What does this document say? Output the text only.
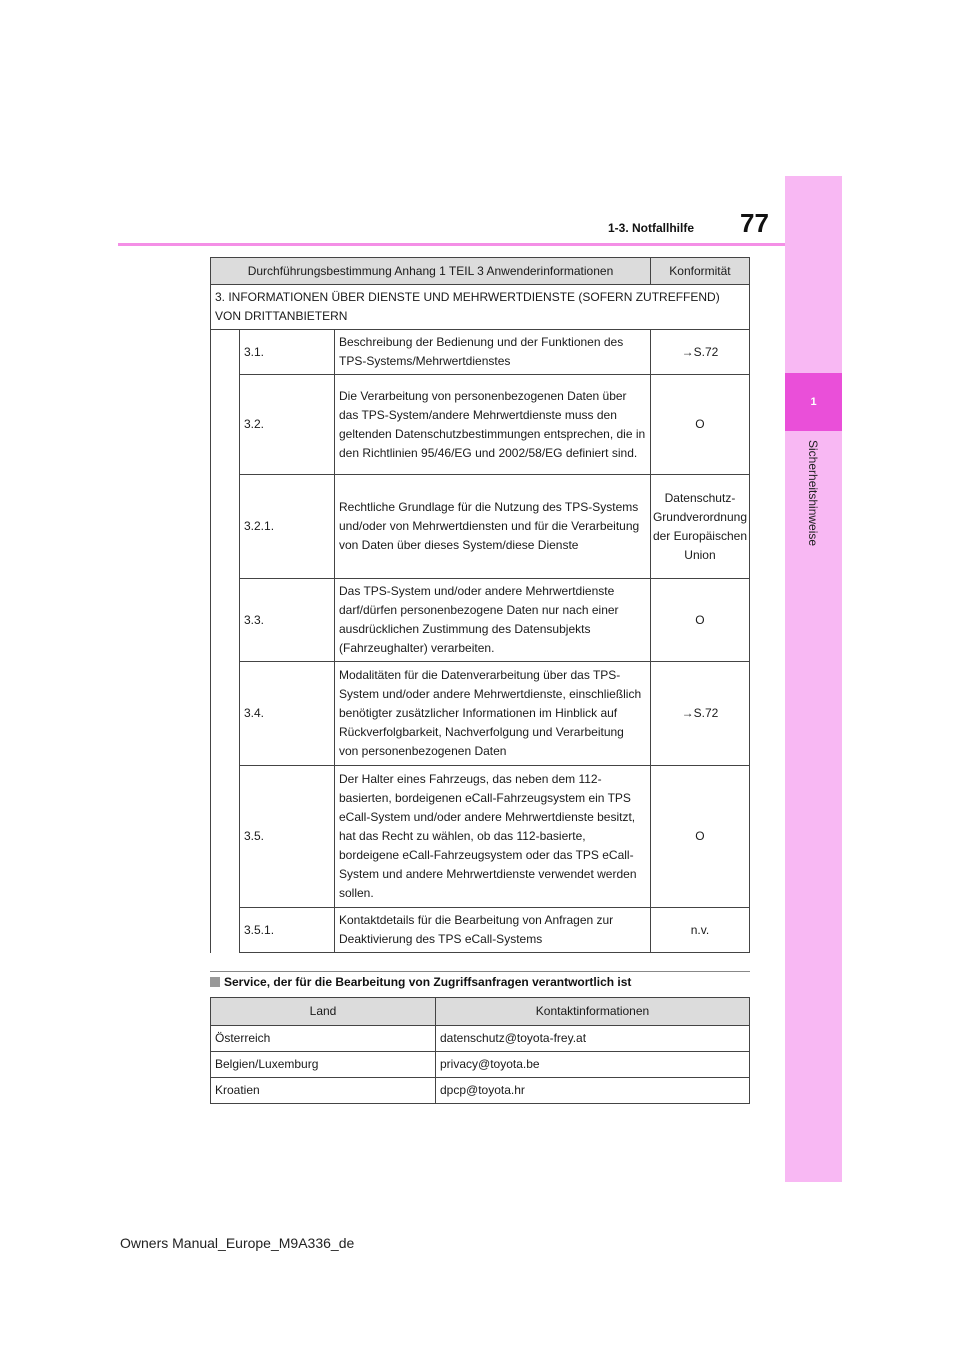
1
Sicherheitshinweise
77
1-3. Notfallhilfe
Durchführungsbestimmung Anhang 1 TEIL 3 Anwenderinformationen			Konformität
3. INFORMATIONEN ÜBER DIENSTE UND MEHRWERTDIENSTE (SOFERN ZUTREFFEND) VON DRITTANBIETERN			
	3.1.	Beschreibung der Bedienung und der Funktionen des TPS-Systems/Mehrwertdienstes	→S.72
	3.2.	Die Verarbeitung von personenbezogenen Daten über das TPS-System/andere Mehrwertdienste muss den geltenden Datenschutzbestimmungen entsprechen, die in den Richtlinien 95/46/EG und 2002/58/EG definiert sind.	O
	3.2.1.	Rechtliche Grundlage für die Nutzung des TPS-Systems und/oder von Mehrwertdiensten und für die Verarbeitung von Daten über dieses System/diese Dienste	Datenschutz-Grundverordnung der Europäischen Union
	3.3.	Das TPS-System und/oder andere Mehrwertdienste darf/dürfen personenbezogene Daten nur nach einer ausdrücklichen Zustimmung des Datensubjekts (Fahrzeughalter) verarbeiten.	O
	3.4.	Modalitäten für die Datenverarbeitung über das TPS-System und/oder andere Mehrwertdienste, einschließlich benötigter zusätzlicher Informationen im Hinblick auf Rückverfolgbarkeit, Nachverfolgung und Verarbeitung von personenbezogenen Daten	→S.72
	3.5.	Der Halter eines Fahrzeugs, das neben dem 112-basierten, bordeigenen eCall-Fahrzeugsystem ein TPS eCall-System und/oder andere Mehrwertdienste besitzt, hat das Recht zu wählen, ob das 112-basierte, bordeigene eCall-Fahrzeugsystem oder das TPS eCall-System und andere Mehrwertdienste verwendet werden sollen.	O
	3.5.1.	Kontaktdetails für die Bearbeitung von Anfragen zur Deaktivierung des TPS eCall-Systems	n.v.
Service, der für die Bearbeitung von Zugriffsanfragen verantwortlich ist
Land	Kontaktinformationen
Österreich	datenschutz@toyota-frey.at
Belgien/Luxemburg	privacy@toyota.be
Kroatien	dpcp@toyota.hr
Owners Manual_Europe_M9A336_de
